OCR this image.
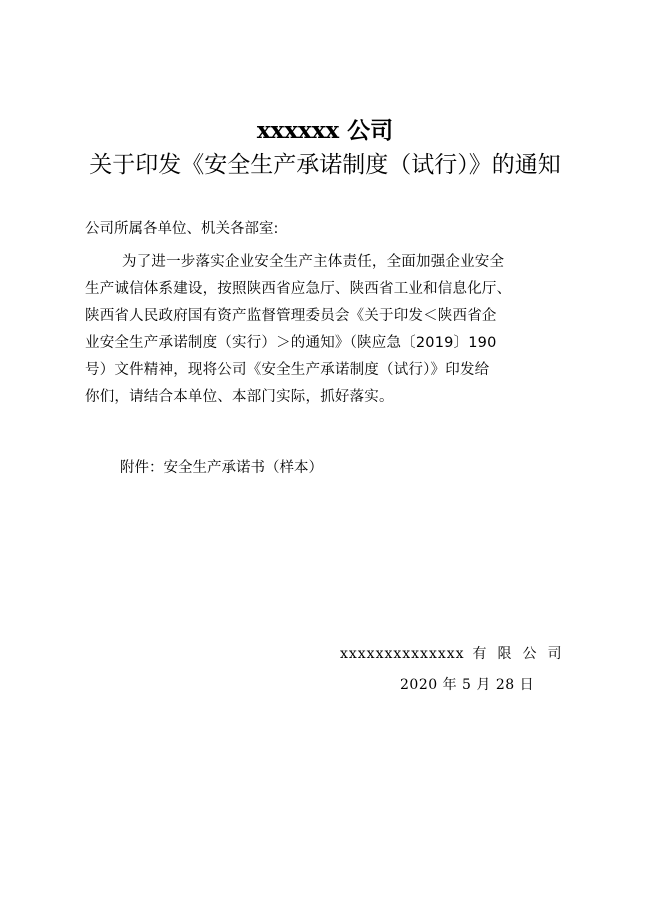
xxxxxx 公司
关于印发《安全生产承诺制度（试行）》的通知
公司所属各单位、机关各部室:
为了进一步落实企业安全生产主体责任，全面加强企业安全
生产诚信体系建设，按照陕西省应急厅、陕西省工业和信息化厅、
陕西省人民政府国有资产监督管理委员会《关于印发＜陕西省企
业安全生产承诺制度（实行）＞的通知》（陕应急〔2019〕190
号）文件精神，现将公司《安全生产承诺制度（试行）》印发给
你们，请结合本单位、本部门实际，抓好落实。
附件：安全生产承诺书（样本）
xxxxxxxxxxxxxx 有限公司
2020 年 5 月 28 日
